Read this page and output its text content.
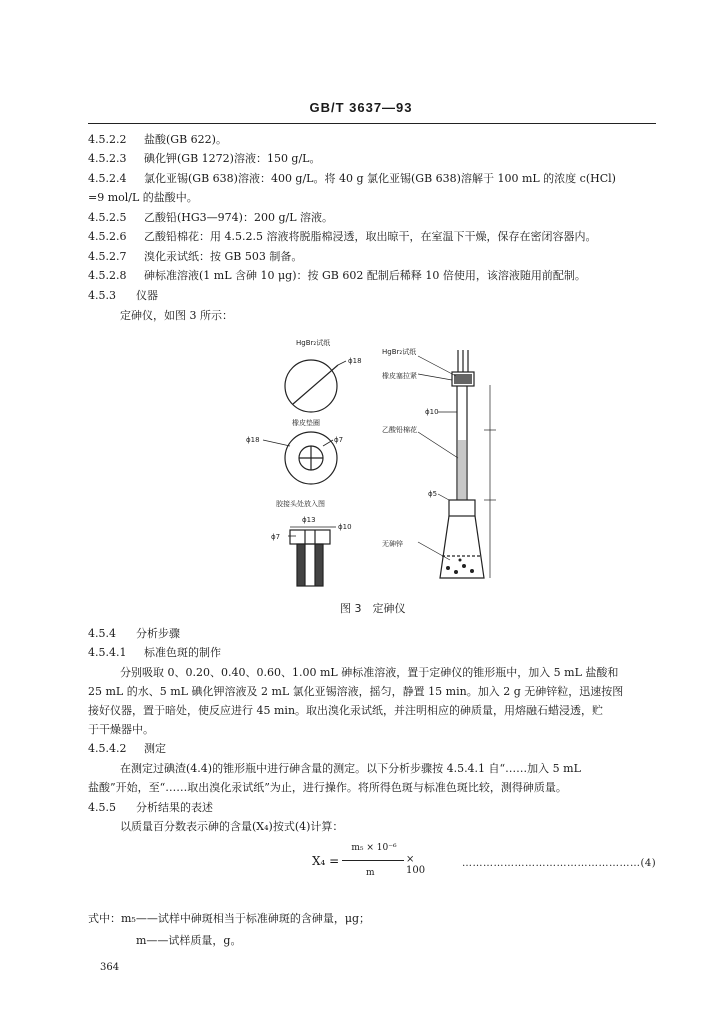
GB/T 3637—93
4.5.2.2 盐酸(GB 622)。
4.5.2.3 碘化钾(GB 1272)溶液：150 g/L。
4.5.2.4 氯化亚锡(GB 638)溶液：400 g/L。将 40 g 氯化亚锡(GB 638)溶解于 100 mL 的浓度 c(HCl)
=9 mol/L 的盐酸中。
4.5.2.5 乙酸铅(HG3—974)：200 g/L 溶液。
4.5.2.6 乙酸铅棉花：用 4.5.2.5 溶液将脱脂棉浸透，取出晾干，在室温下干燥，保存在密闭容器内。
4.5.2.7 溴化汞试纸：按 GB 503 制备。
4.5.2.8 砷标准溶液(1 mL 含砷 10 μg)：按 GB 602 配制后稀释 10 倍使用，该溶液随用前配制。
4.5.3 仪器
定砷仪，如图 3 所示：
HgBr₂试纸
ϕ18
橡皮垫圈
ϕ18	ϕ7
胶接头处放入图
ϕ13
ϕ10
ϕ7
HgBr₂试纸
橡皮塞拉紧
ϕ10
乙酸铅棉花
ϕ5
无砷锌
图 3　定砷仪
4.5.4 分析步骤
4.5.4.1 标准色斑的制作
分别吸取 0、0.20、0.40、0.60、1.00 mL 砷标准溶液，置于定砷仪的锥形瓶中，加入 5 mL 盐酸和
25 mL 的水、5 mL 碘化钾溶液及 2 mL 氯化亚锡溶液，摇匀，静置 15 min。加入 2 g 无砷锌粒，迅速按图
接好仪器，置于暗处，使反应进行 45 min。取出溴化汞试纸，并注明相应的砷质量，用熔融石蜡浸透，贮
于干燥器中。
4.5.4.2 测定
在测定过碘渣(4.4)的锥形瓶中进行砷含量的测定。以下分析步骤按 4.5.4.1 自“……加入 5 mL
盐酸”开始，至“……取出溴化汞试纸”为止，进行操作。将所得色斑与标准色斑比较，测得砷质量。
4.5.5 分析结果的表述
以质量百分数表示砷的含量(X₄)按式(4)计算：
X₄ =
m₅ × 10⁻⁶
m
× 100
……………………………………………(4)
式中：m₅——试样中砷斑相当于标准砷斑的含砷量，μg；
m——试样质量，g。
364
